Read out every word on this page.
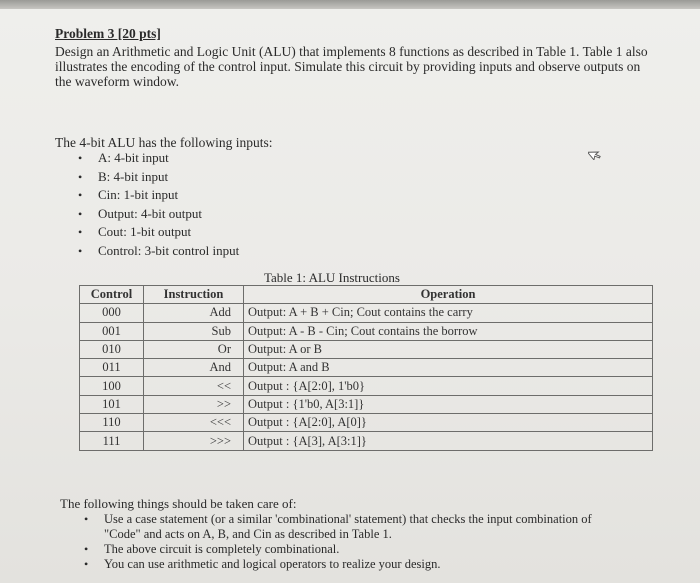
Problem 3 [20 pts]
Design an Arithmetic and Logic Unit (ALU) that implements 8 functions as described in Table 1. Table 1 also illustrates the encoding of the control input. Simulate this circuit by providing inputs and observe outputs on the waveform window.
The 4-bit ALU has the following inputs:
• A: 4-bit input
• B: 4-bit input
• Cin: 1-bit input
• Output: 4-bit output
• Cout: 1-bit output
• Control: 3-bit control input
Table 1: ALU Instructions
Control	Instruction	Operation
000	Add	Output: A + B + Cin; Cout contains the carry
001	Sub	Output: A - B - Cin; Cout contains the borrow
010	Or	Output: A or B
011	And	Output: A and B
100	<<	Output : {A[2:0], 1'b0}
101	>>	Output : {1'b0, A[3:1]}
110	<<<	Output : {A[2:0], A[0]}
111	>>>	Output : {A[3], A[3:1]}
The following things should be taken care of:
• Use a case statement (or a similar 'combinational' statement) that checks the input combination of "Code" and acts on A, B, and Cin as described in Table 1.
• The above circuit is completely combinational.
• You can use arithmetic and logical operators to realize your design.
